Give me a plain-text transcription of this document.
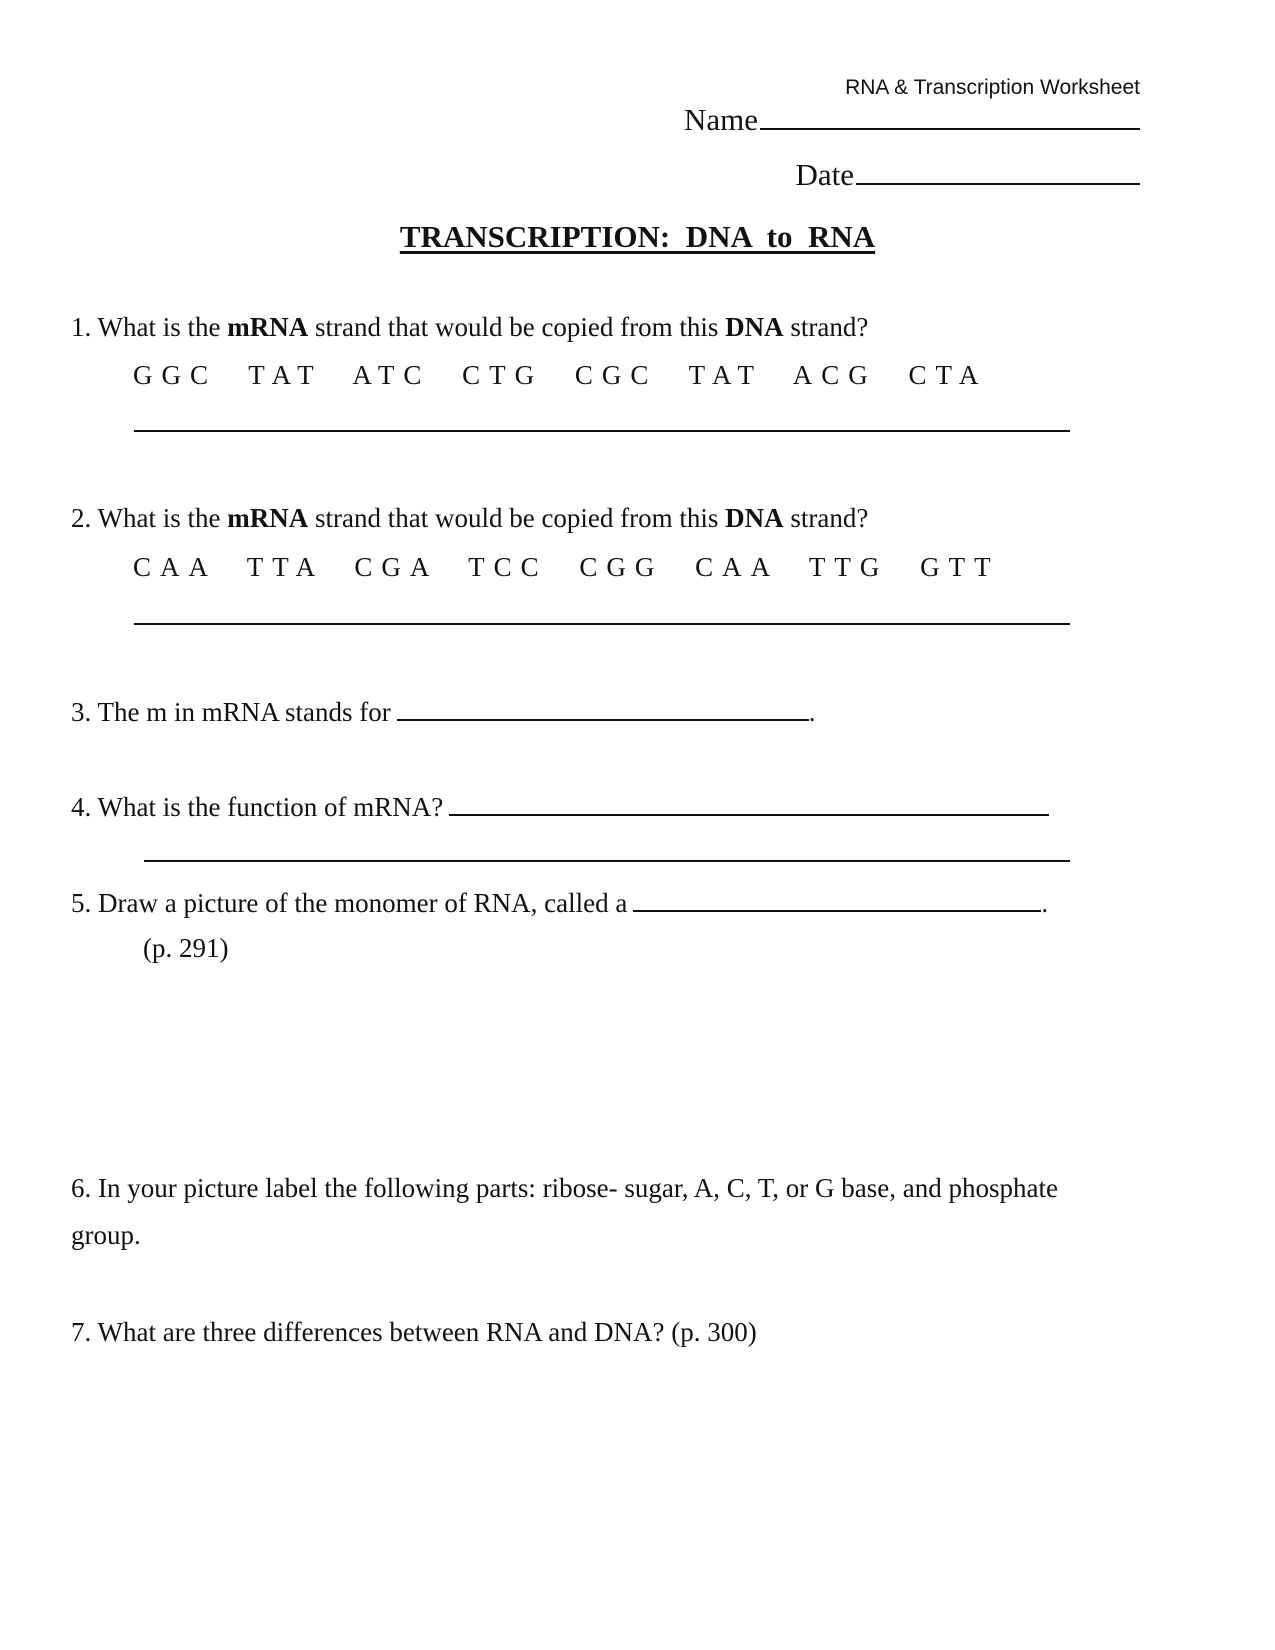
RNA & Transcription Worksheet
Name
Date
TRANSCRIPTION:  DNA  to  RNA
1. What is the mRNA strand that would be copied from this DNA strand?
GGC TAT ATC CTG CGC TAT ACG CTA
2. What is the mRNA strand that would be copied from this DNA strand?
CAA TTA CGA TCC CGG CAA TTG GTT
3. The m in mRNA stands for	.
4. What is the function of mRNA?
5. Draw a picture of the monomer of RNA, called a	.
(p. 291)
6. In your picture label the following parts: ribose- sugar, A, C, T, or G base, and phosphate
group.
7. What are three differences between RNA and DNA? (p. 300)
